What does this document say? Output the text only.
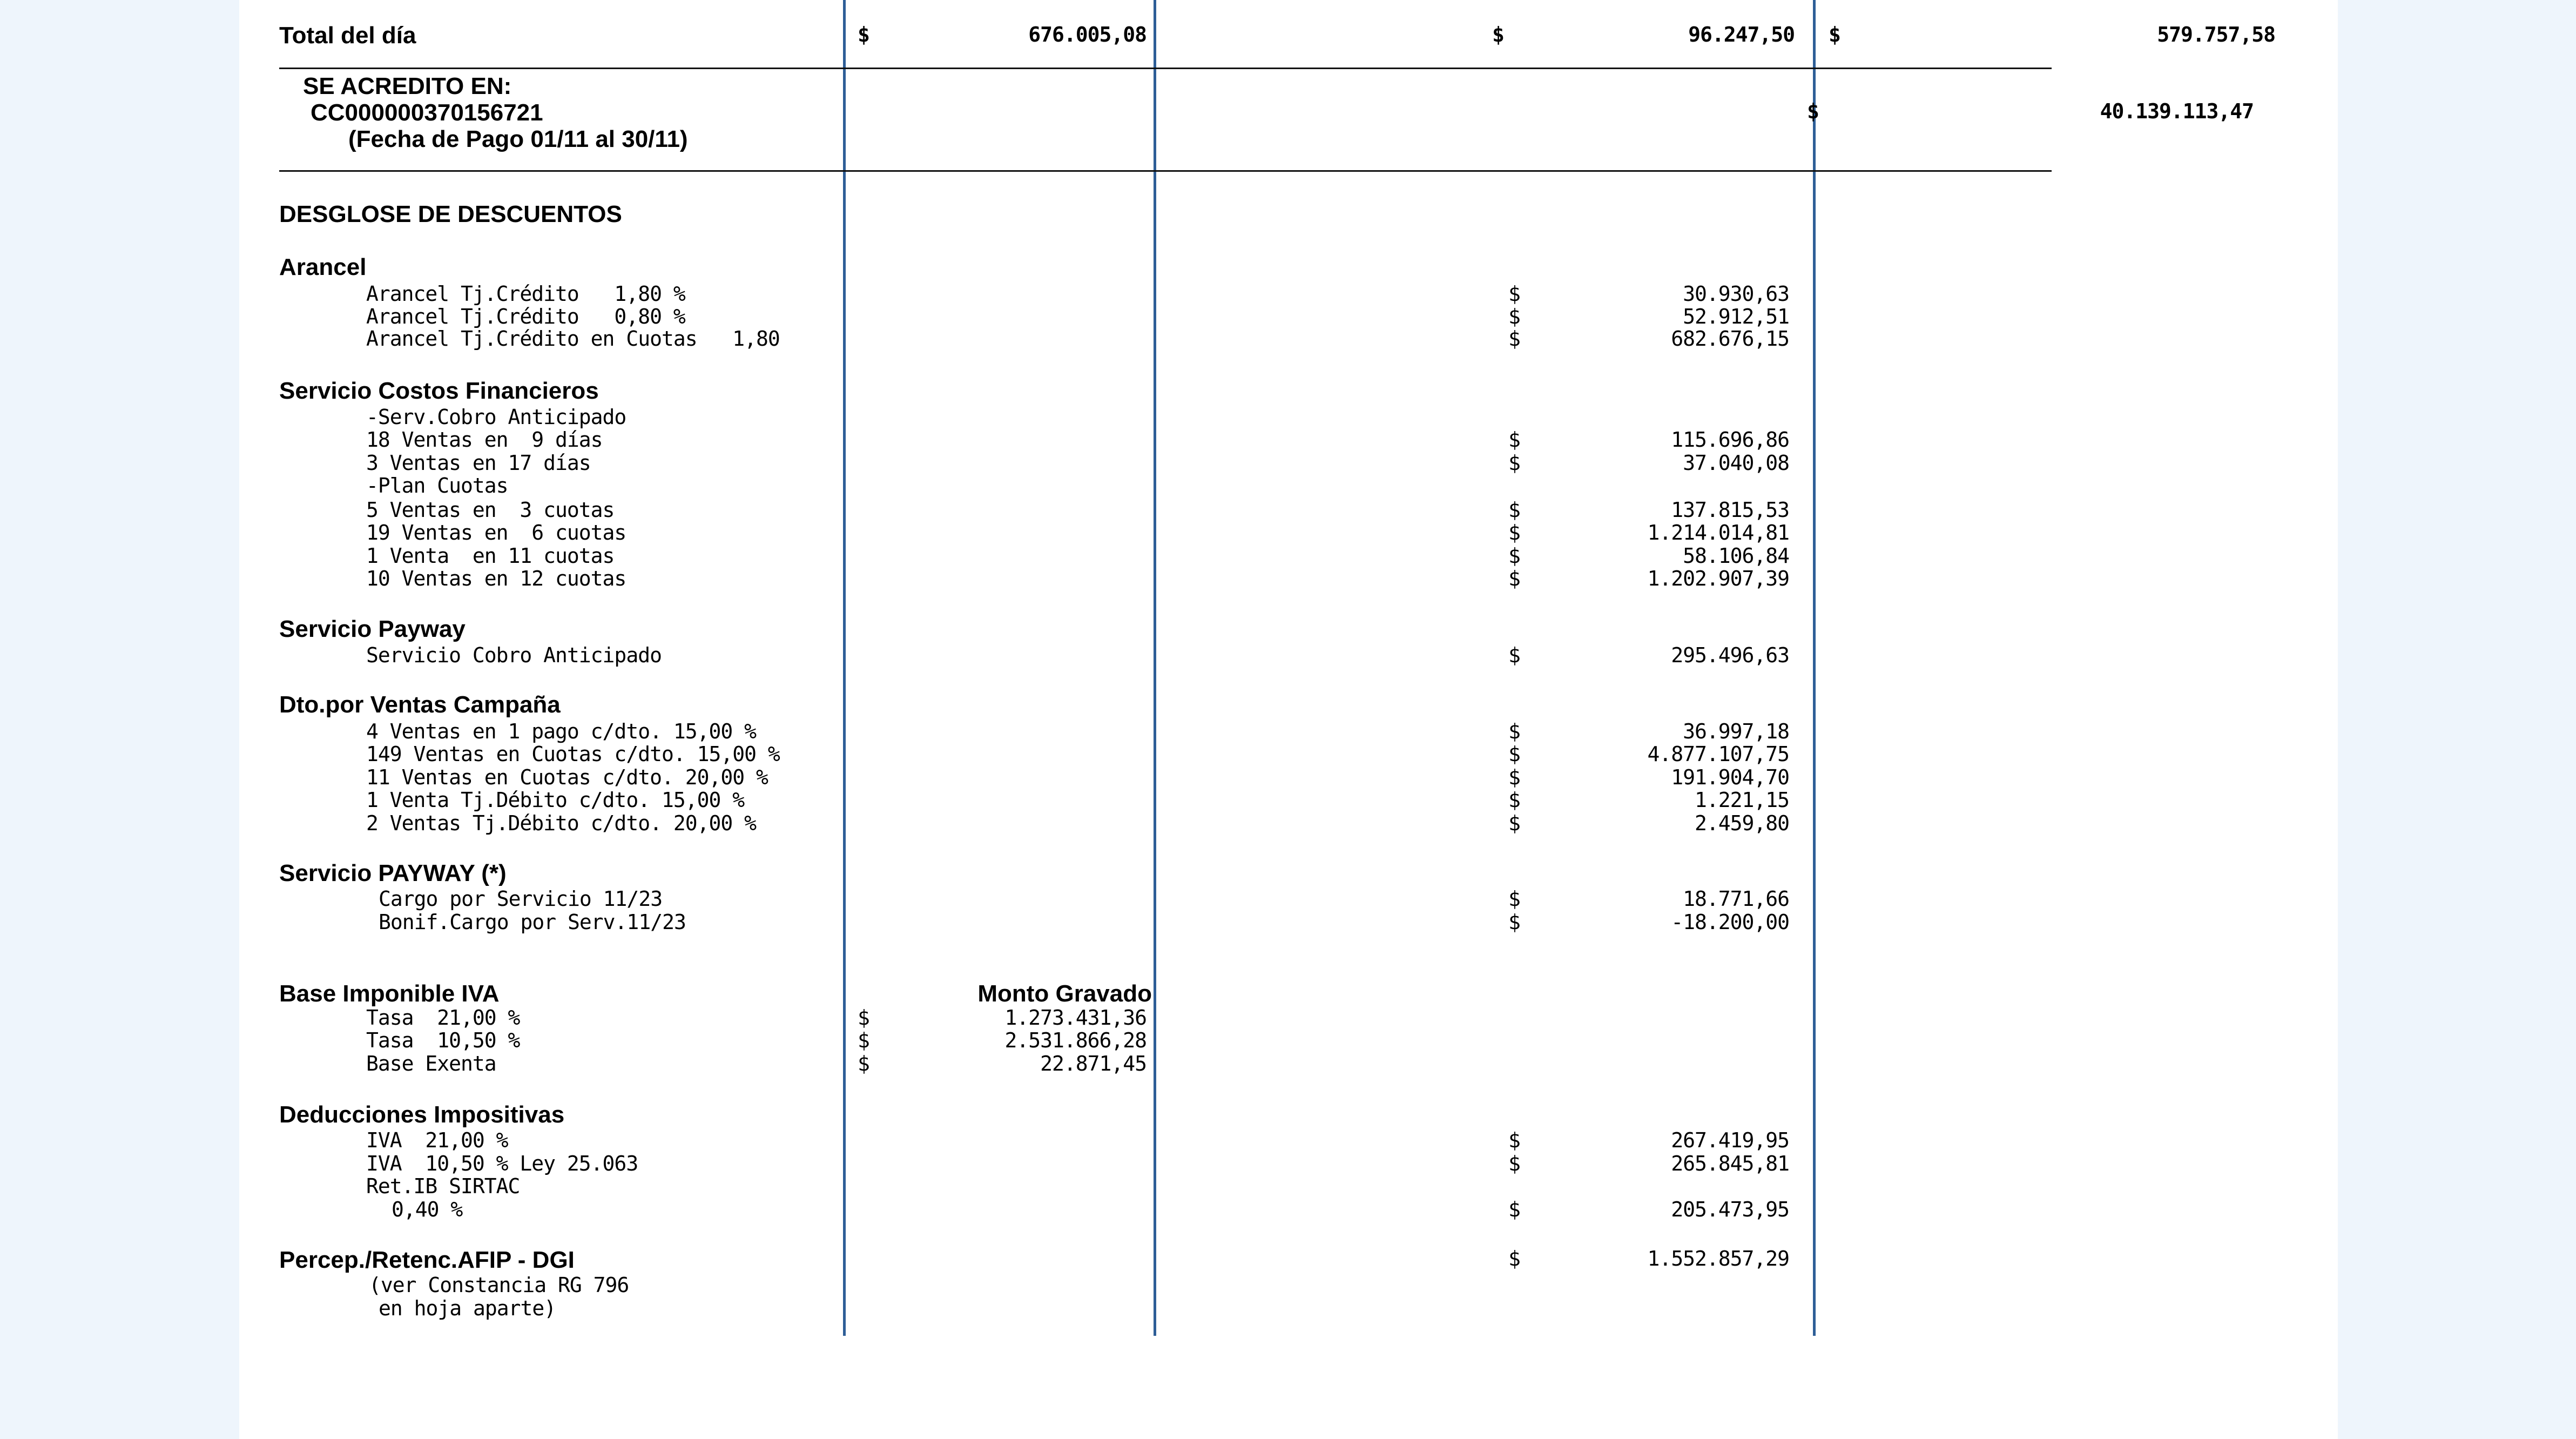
Total del día	$	676.005,08	$	96.247,50 $	579.757,58
SE ACREDITO EN:
CC000000370156721
(Fecha de Pago 01/11 al 30/11)
$	40.139.113,47
DESGLOSE DE DESCUENTOS
Arancel
Arancel Tj.Crédito   1,80 %	$	30.930,63
Arancel Tj.Crédito   0,80 %	$	52.912,51
Arancel Tj.Crédito en Cuotas   1,80	$	682.676,15
Servicio Costos Financieros
-Serv.Cobro Anticipado
18 Ventas en  9 días	$	115.696,86
3 Ventas en 17 días	$	37.040,08
-Plan Cuotas
5 Ventas en  3 cuotas	$	137.815,53
19 Ventas en  6 cuotas	$	1.214.014,81
1 Venta  en 11 cuotas	$	58.106,84
10 Ventas en 12 cuotas	$	1.202.907,39
Servicio Payway
Servicio Cobro Anticipado	$	295.496,63
Dto.por Ventas Campaña
4 Ventas en 1 pago c/dto. 15,00 %	$	36.997,18
149 Ventas en Cuotas c/dto. 15,00 %	$	4.877.107,75
11 Ventas en Cuotas c/dto. 20,00 %	$	191.904,70
1 Venta Tj.Débito c/dto. 15,00 %	$	1.221,15
2 Ventas Tj.Débito c/dto. 20,00 %	$	2.459,80
Servicio PAYWAY (*)
Cargo por Servicio 11/23	$	18.771,66
Bonif.Cargo por Serv.11/23	$	-18.200,00
Base Imponible IVA	Monto Gravado
Tasa  21,00 %	$	1.273.431,36
Tasa  10,50 %	$	2.531.866,28
Base Exenta	$	22.871,45
Deducciones Impositivas
IVA  21,00 %	$	267.419,95
IVA  10,50 % Ley 25.063	$	265.845,81
Ret.IB SIRTAC
0,40 %	$	205.473,95
Percep./Retenc.AFIP - DGI	$	1.552.857,29
(ver Constancia RG 796
en hoja aparte)
